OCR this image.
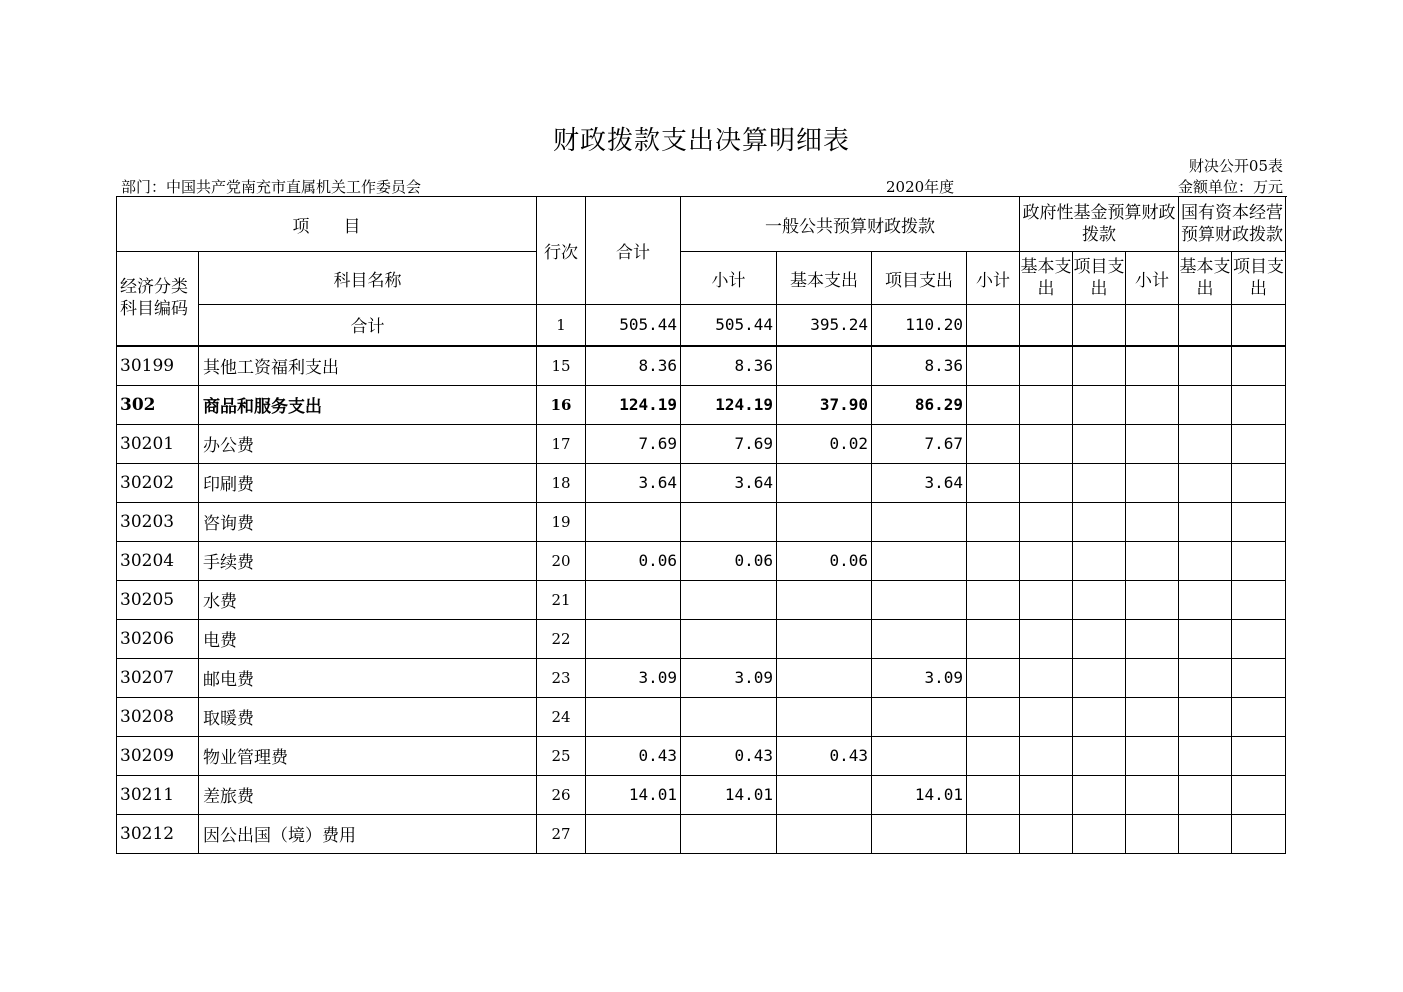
财政拨款支出决算明细表
财决公开05表
部门：中国共产党南充市直属机关工作委员会	2020年度	金额单位：万元
项　　目		行次	合计	一般公共预算财政拨款				政府性基金预算财政拨款			国有资本经营预算财政拨款	
经济分类科目编码	科目名称			小计	基本支出	项目支出	小计	基本支出	项目支出	小计	基本支出	项目支出
	合计	1	505.44	505.44	395.24	110.20						
30199	其他工资福利支出	15	8.36	8.36		8.36						
302	商品和服务支出	16	124.19	124.19	37.90	86.29						
30201	办公费	17	7.69	7.69	0.02	7.67						
30202	印刷费	18	3.64	3.64		3.64						
30203	咨询费	19										
30204	手续费	20	0.06	0.06	0.06							
30205	水费	21										
30206	电费	22										
30207	邮电费	23	3.09	3.09		3.09						
30208	取暖费	24										
30209	物业管理费	25	0.43	0.43	0.43							
30211	差旅费	26	14.01	14.01		14.01						
30212	因公出国（境）费用	27										
